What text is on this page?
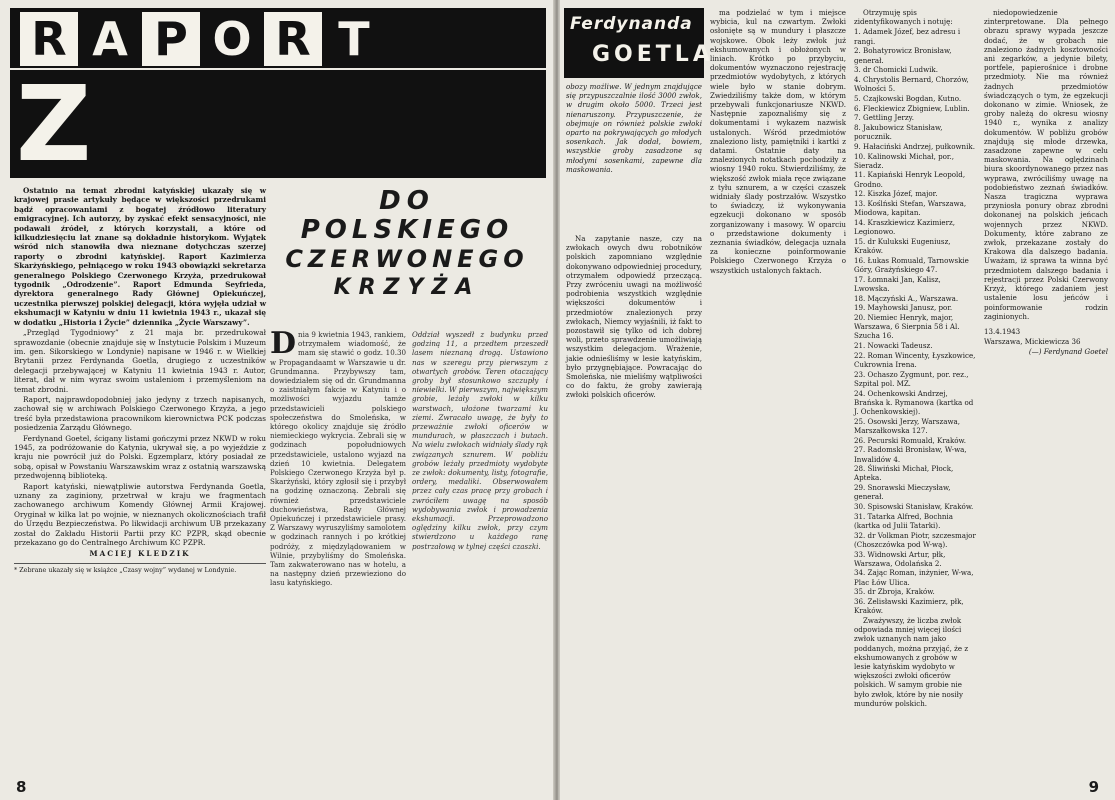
R A P O R T
Z

Ostatnio na temat zbrodni katyńskiej ukazały się w krajowej prasie artykuły będące w większości przedrukami bądź opracowaniami z bogatej źródłowo literatury emigracyjnej. Ich autorzy, by zyskać efekt sensacyjności, nie podawali źródeł, z których korzystali, a które od kilkudziesięciu lat znane są dokładnie historykom. Wyjątek wśród nich stanowiła dwa nieznane dotychczas szerzej raporty o zbrodni katyńskiej. Raport Kazimierza Skarżyńskiego, pełniącego w roku 1943 obowiązki sekretarza generalnego Polskiego Czerwonego Krzyża, przedrukował tygodnik „Odrodzenie”. Raport Edmunda Seyfrieda, dyrektora generalnego Rady Głównej Opiekuńczej, uczestnika pierwszej polskiej delegacji, która wyjęła udział w ekshumacji w Katyniu w dniu 11 kwietnia 1943 r., ukazał się w dodatku „Historia i Życie” dziennika „Życie Warszawy”.

„Przegląd Tygodniowy” z 21 maja br. przedrukował sprawozdanie (obecnie znajduje się w Instytucie Polskim i Muzeum im. gen. Sikorskiego w Londynie) napisane w 1946 r. w Wielkiej Brytanii przez Ferdynanda Goetla, drugiego z uczestników delegacji przebywającej w Katyniu 11 kwietnia 1943 r. Autor, literat, dał w nim wyraz swoim ustaleniom i przemyśleniom na temat zbrodni.

Raport, najprawdopodobniej jako jedyny z trzech napisanych, zachował się w archiwach Polskiego Czerwonego Krzyża, a jego treść była przedstawiona pracownikom kierownictwa PCK podczas posiedzenia Zarządu Głównego.

Ferdynand Goetel, ścigany listami gończymi przez NKWD w roku 1945, za podróżowanie do Katynia, ukrywał się, a po wyjeździe z kraju nie powrócił już do Polski. Egzemplarz, który posiadał ze sobą, opisał w Powstaniu Warszawskim wraz z ostatnią warszawską przedwojenną biblioteką.

Raport katyński, niewątpliwie autorstwa Ferdynanda Goetla, uznany za zaginiony, przetrwał w kraju we fragmentach zachowanego archiwum Komendy Głównej Armii Krajowej. Oryginał w kilka lat po wojnie, w nieznanych okolicznościach trafił do Urzędu Bezpieczeństwa. Po likwidacji archiwum UB przekazany został do Zakładu Historii Partii przy KC PZPR, skąd obecnie przekazano go do Centralnego Archiwum KC PZPR.

MACIEJ KLEDZIK

* Zebrane ukazały się w książce „Czasy wojny” wydanej w Londynie.

DO
POLSKIEGO
CZERWONEGO
KRZYŻA
D nia 9 kwietnia 1943, rankiem, otrzymałem wiadomość, że mam się stawić o godz. 10.30 w Propagandaamt w Warszawie u dr. Grundmanna. Przybywszy tam, dowiedziałem się od dr. Grundmanna o zaistniałym fakcie w Katyniu i o możliwości wyjazdu tamże przedstawicieli polskiego społeczeństwa do Smoleńska, w którego okolicy znajduje się źródło niemieckiego wykrycia. Zebrali się w godzinach popołudniowych przedstawiciele, ustalono wyjazd na dzień 10 kwietnia. Delegatem Polskiego Czerwonego Krzyża był p. Skarżyński, który zgłosił się i przybył na godzinę oznaczoną. Zebrali się również przedstawiciele duchowieństwa, Rady Głównej Opiekuńczej i przedstawiciele prasy. Z Warszawy wyruszyliśmy samolotem w godzinach rannych i po krótkiej podróży, z międzylądowaniem w Wilnie, przybyliśmy do Smoleńska. Tam zakwaterowano nas w hotelu, a na następny dzień przewieziono do lasu katyńskiego.
Oddział wyszedł z budynku przed godziną 11, a przedtem przeszedł lasem nieznaną drogą. Ustawiono nas w szeregu przy pierwszym z otwartych grobów. Teren otaczający groby był stosunkowo szczupły i niewielki. W pierwszym, największym grobie, leżały zwłoki w kilku warstwach, ułożone twarzami ku ziemi. Zwracało uwagę, że były to przeważnie zwłoki oficerów w mundurach, w płaszczach i butach. Na wielu zwłokach widniały ślady rąk związanych sznurem. W pobliżu grobów leżały przedmioty wydobyte ze zwłok: dokumenty, listy, fotografie, ordery, medaliki. Obserwowałem przez cały czas pracę przy grobach i zwróciłem uwagę na sposób wydobywania zwłok i prowadzenia ekshumacji. Przeprowadzono oględziny kilku zwłok, przy czym stwierdzono u każdego ranę postrzałową w tylnej części czaszki.
8
Ferdynanda
GOETLA
obozy możliwe. W jednym znajdujące się przypuszczalnie ilość 3000 zwłok, w drugim około 5000. Trzeci jest nienaruszony. Przypuszczenie, że obejmuje on również polskie zwłoki oparto na pokrywających go młodych sosenkach. Jak dodał, bowiem, wszystkie groby zasadzone są młodymi sosenkami, zapewne dla maskowania.

Na zapytanie nasze, czy na zwłokach owych dwu robotników polskich zapomniano względnie dokonywano odpowiedniej procedury, otrzymałem odpowiedź przeczącą. Przy zwróceniu uwagi na możliwość podrobienia wszystkich względnie większości dokumentów i przedmiotów znalezionych przy zwłokach, Niemcy wyjaśnili, iż fakt to pozostawił się tylko od ich dobrej woli, przeto sprawdzenie umożliwiają wszystkim delegacjom. Wrażenie, jakie odnieśliśmy w lesie katyńskim, było przygnębiające. Powracając do Smoleńska, nie mieliśmy wątpliwości co do faktu, że groby zawierają zwłoki polskich oficerów.

ma podzielać w tym i miejsce wybicia, kul na czwartym. Zwłoki osłonięte są w mundury i płaszcze wojskowe. Obok leży zwłok już ekshumowanych i obłożonych w liniach. Krótko po przybyciu, dokumentów wyznaczono rejestrację przedmiotów wydobytych, z których wiele było w stanie dobrym. Zwiedziliśmy także dom, w którym przebywali funkcjonariusze NKWD. Następnie zapoznaliśmy się z dokumentami i wykazem nazwisk ustalonych. Wśród przedmiotów znaleziono listy, pamiętniki i kartki z datami. Ostatnie daty na znalezionych notatkach pochodziły z wiosny 1940 roku. Stwierdziliśmy, że większość zwłok miała ręce związane z tyłu sznurem, a w części czaszek widniały ślady postrzałów. Wszystko to świadczy, iż wykonywania egzekucji dokonano w sposób zorganizowany i masowy. W oparciu o przedstawione dokumenty i zeznania świadków, delegacja uznała za konieczne poinformowanie Polskiego Czerwonego Krzyża o wszystkich ustalonych faktach.

Otrzymuję spis zidentyfikowanych i notuję:

1. Adamek Józef, bez adresu i rangi.
2. Bohatyrowicz Bronisław, generał.
3. dr Chomicki Ludwik.
4. Chrystolis Bernard, Chorzów, Wolności 5.
5. Czajkowski Bogdan, Kutno.
6. Fleckiewicz Zbigniew, Lublin.
7. Gettling Jerzy.
8. Jakubowicz Stanisław, porucznik.
9. Hałaciński Andrzej, pułkownik.
10. Kalinowski Michał, por., Sieradz.
11. Kapiański Henryk Leopold, Grodno.
12. Kiszka Józef, major.
13. Koślński Stefan, Warszawa, Miodowa, kapitan.
14. Kraszkiewicz Kazimierz, Legionowo.
15. dr Kulukski Eugeniusz, Kraków.
16. Łukas Romuald, Tarnowskie Góry, Grażyńskiego 47.
17. Łomnaki Jan, Kalisz, Lwowska.
18. Mączyński A., Warszawa.
19. Mayhowski Janusz, por.
20. Niemiec Henryk, major, Warszawa, 6 Sierpnia 58 i Al. Szucha 16.
21. Nowacki Tadeusz.
22. Roman Wincenty, Łyszkowice, Cukrownia Irena.
23. Ochaszo Zygmunt, por. rez., Szpital pol. MZ.
24. Ochenkowski Andrzej, Brańska k. Rymanowa (kartka od J. Ochenkowskiej).
25. Osowski Jerzy, Warszawa, Marszałkowska 127.
26. Pecurski Romuald, Kraków.
27. Radomski Bronisław, W-wa, Inwalidów 4.
28. Śliwiński Michał, Płock, Apteka.
29. Snorawski Mieczysław, generał.
30. Spisowski Stanisław, Kraków.
31. Tatarka Alfred, Bochnia (kartka od Julii Tatarki).
32. dr Volkman Piotr, szczesmajor (Choszczówka pod W-wą).
33. Widnowski Artur, płk, Warszawa, Odolańska 2.
34. Zając Roman, inżynier, W-wa, Plac Łów Ulica.
35. dr Zbroja, Kraków.
36. Zelisławski Kazimierz, płk, Kraków.

Zważywszy, że liczba zwłok odpowiada mniej więcej ilości zwłok uznanych nam jako poddanych, można przyjąć, że z ekshumowanych z grobów w lesie katyńskim wydobyto w większości zwłoki oficerów polskich. W samym grobie nie było zwłok, które by nie nosiły mundurów polskich.

niedopowiedzenie zinterpretowane. Dla pełnego obrazu sprawy wypada jeszcze dodać, że w grobach nie znaleziono żadnych kosztowności ani zegarków, a jedynie bilety, portfele, papierośnice i drobne przedmioty. Nie ma również żadnych przedmiotów świadczących o tym, że egzekucji dokonano w zimie. Wniosek, że groby należą do okresu wiosny 1940 r., wynika z analizy dokumentów. W pobliżu grobów znajdują się młode drzewka, zasadzone zapewne w celu maskowania. Na oględzinach biura skoordynowanego przez nas wyprawa, zwróciliśmy uwagę na podobieństwo zeznań świadków. Nasza tragiczna wyprawa przyniosła ponury obraz zbrodni dokonanej na polskich jeńcach wojennych przez NKWD. Dokumenty, które zabrano ze zwłok, przekazane zostały do Krakowa dla dalszego badania. Uważam, iż sprawa ta winna być przedmiotem dalszego badania i rejestracji przez Polski Czerwony Krzyż, którego zadaniem jest ustalenie losu jeńców i poinformowanie rodzin zaginionych.

13.4.1943

Warszawa, Mickiewicza 36

(—) Ferdynand Goetel

9
